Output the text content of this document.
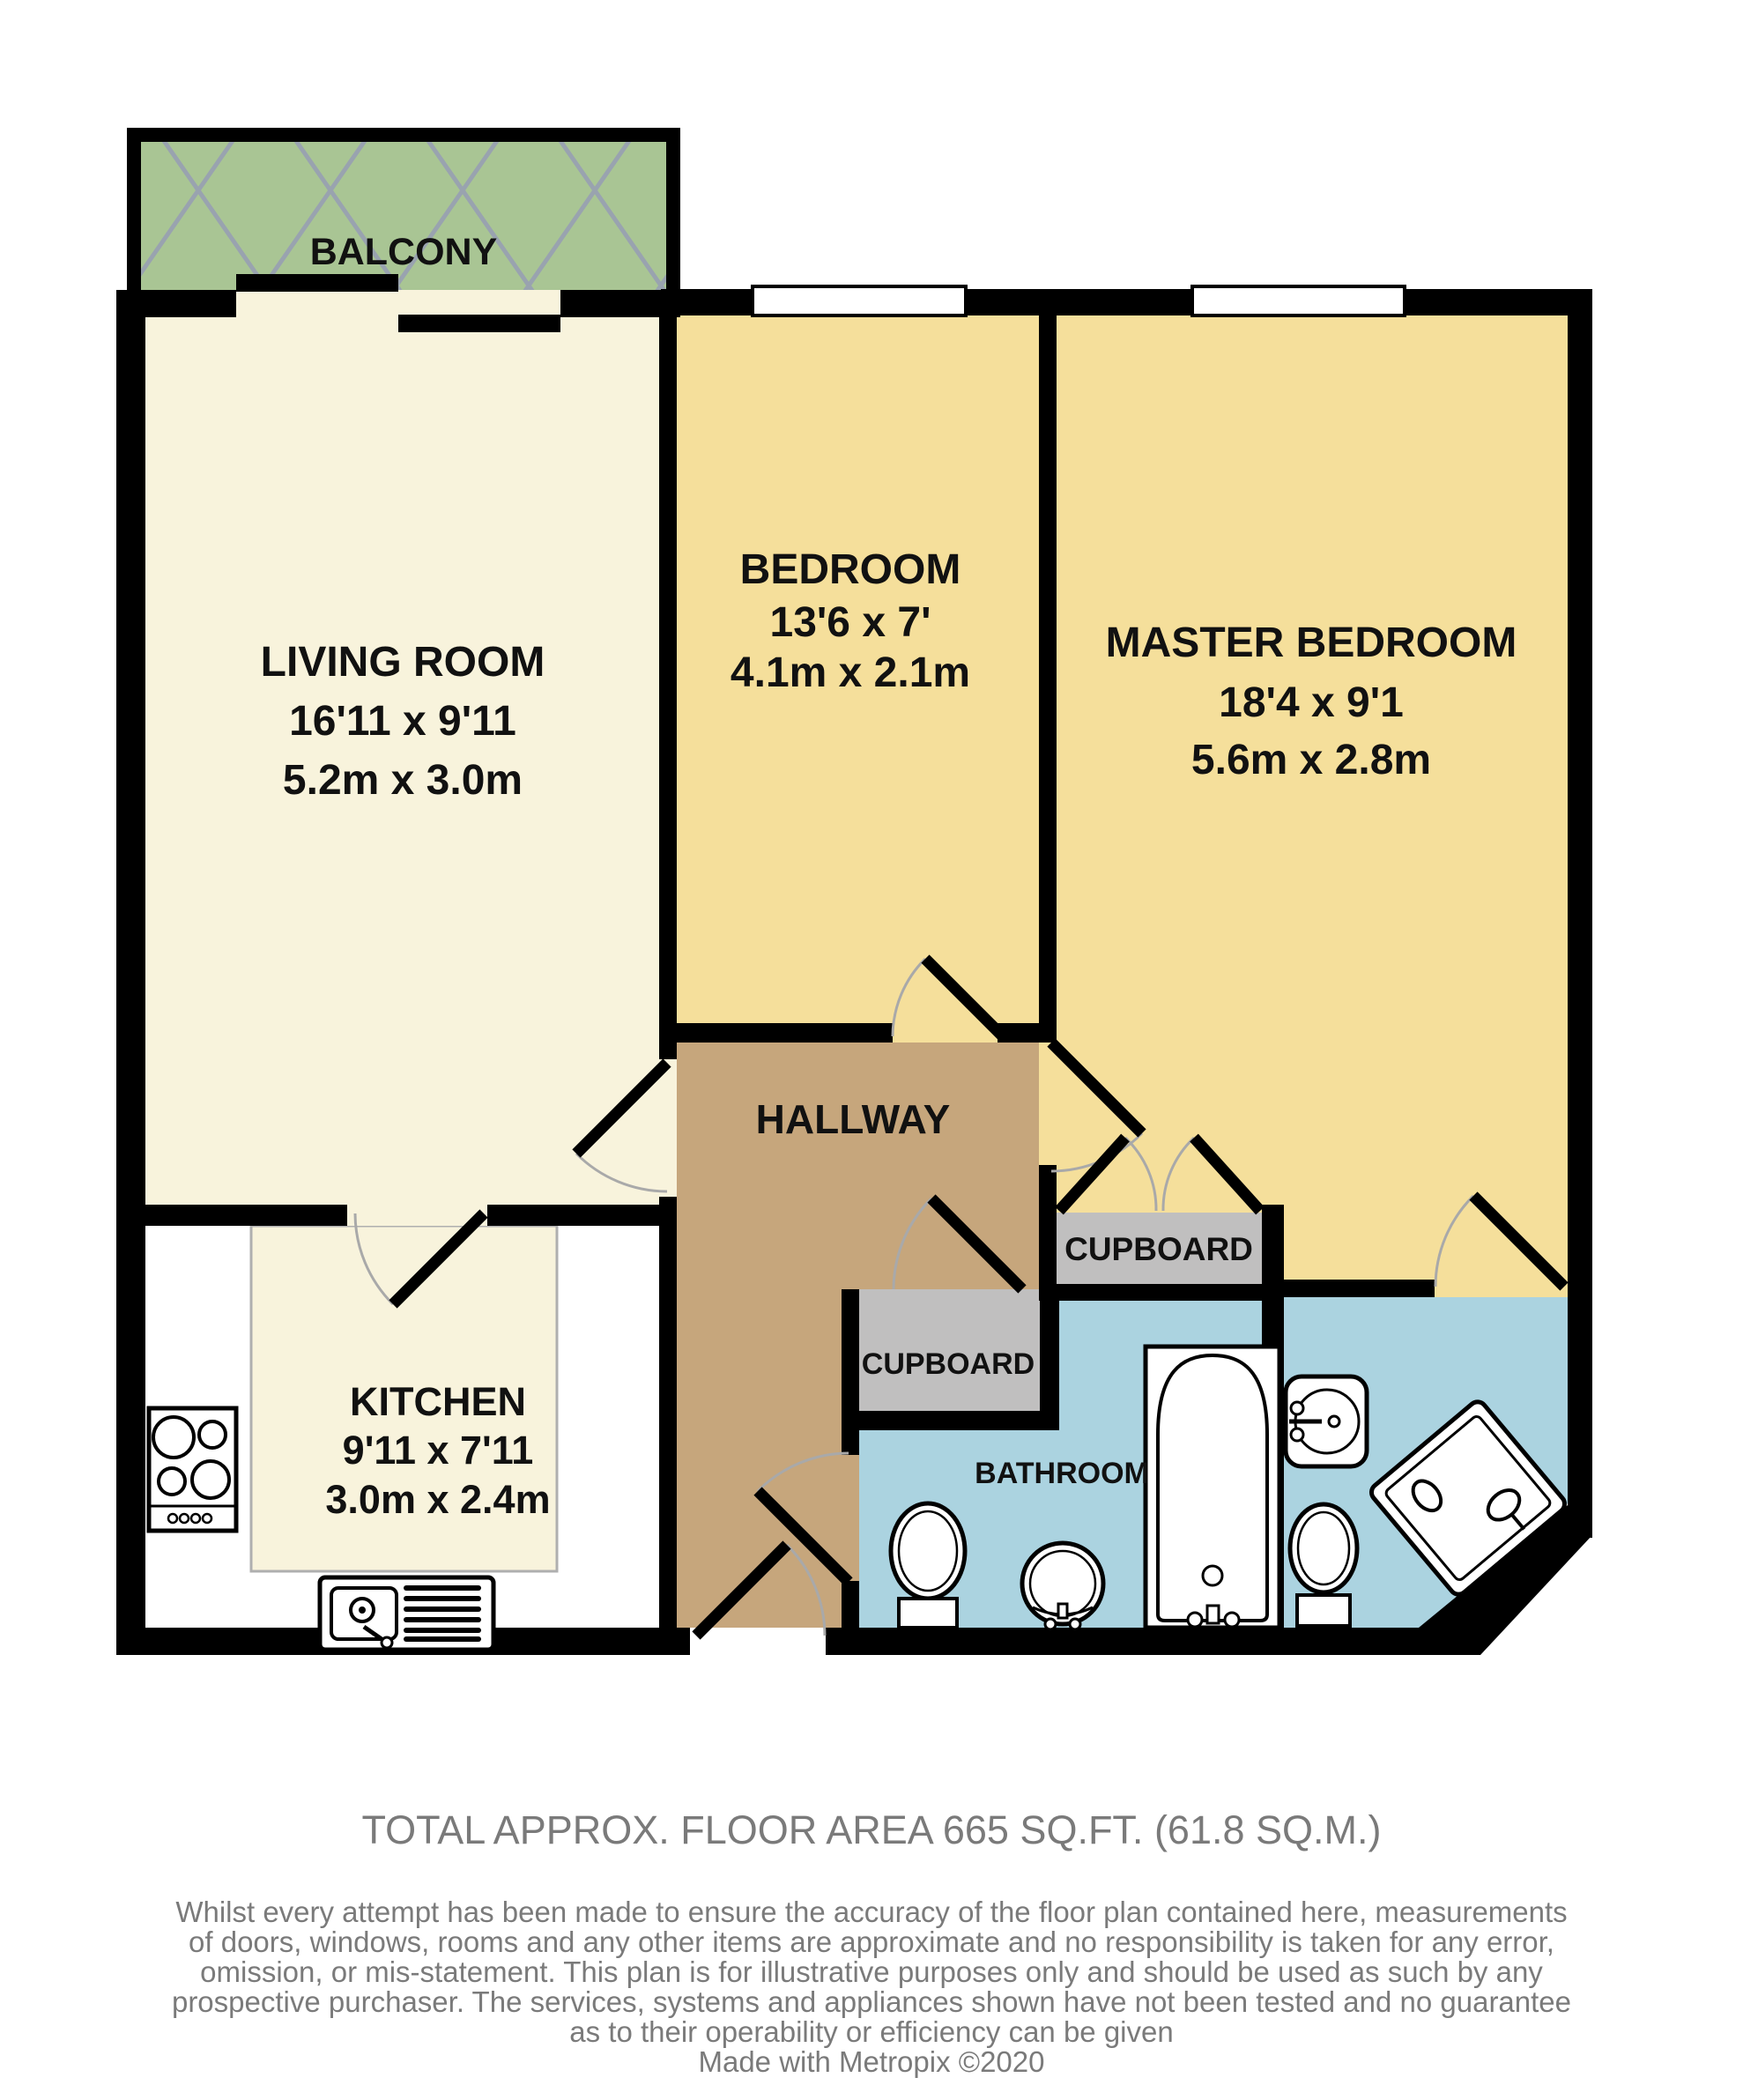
BALCONY
LIVING ROOM
16'11 x 9'11
5.2m x 3.0m
BEDROOM
13'6 x 7'
4.1m x 2.1m
MASTER BEDROOM
18'4 x 9'1
5.6m x 2.8m
HALLWAY
KITCHEN
9'11 x 7'11
3.0m x 2.4m
CUPBOARD
CUPBOARD
BATHROOM
TOTAL APPROX. FLOOR AREA 665 SQ.FT. (61.8 SQ.M.)
Whilst every attempt has been made to ensure the accuracy of the floor plan contained here, measurements
of doors, windows, rooms and any other items are approximate and no responsibility is taken for any error,
omission, or mis-statement. This plan is for illustrative purposes only and should be used as such by any
prospective purchaser. The services, systems and appliances shown have not been tested and no guarantee
as to their operability or efficiency can be given
Made with Metropix ©2020
